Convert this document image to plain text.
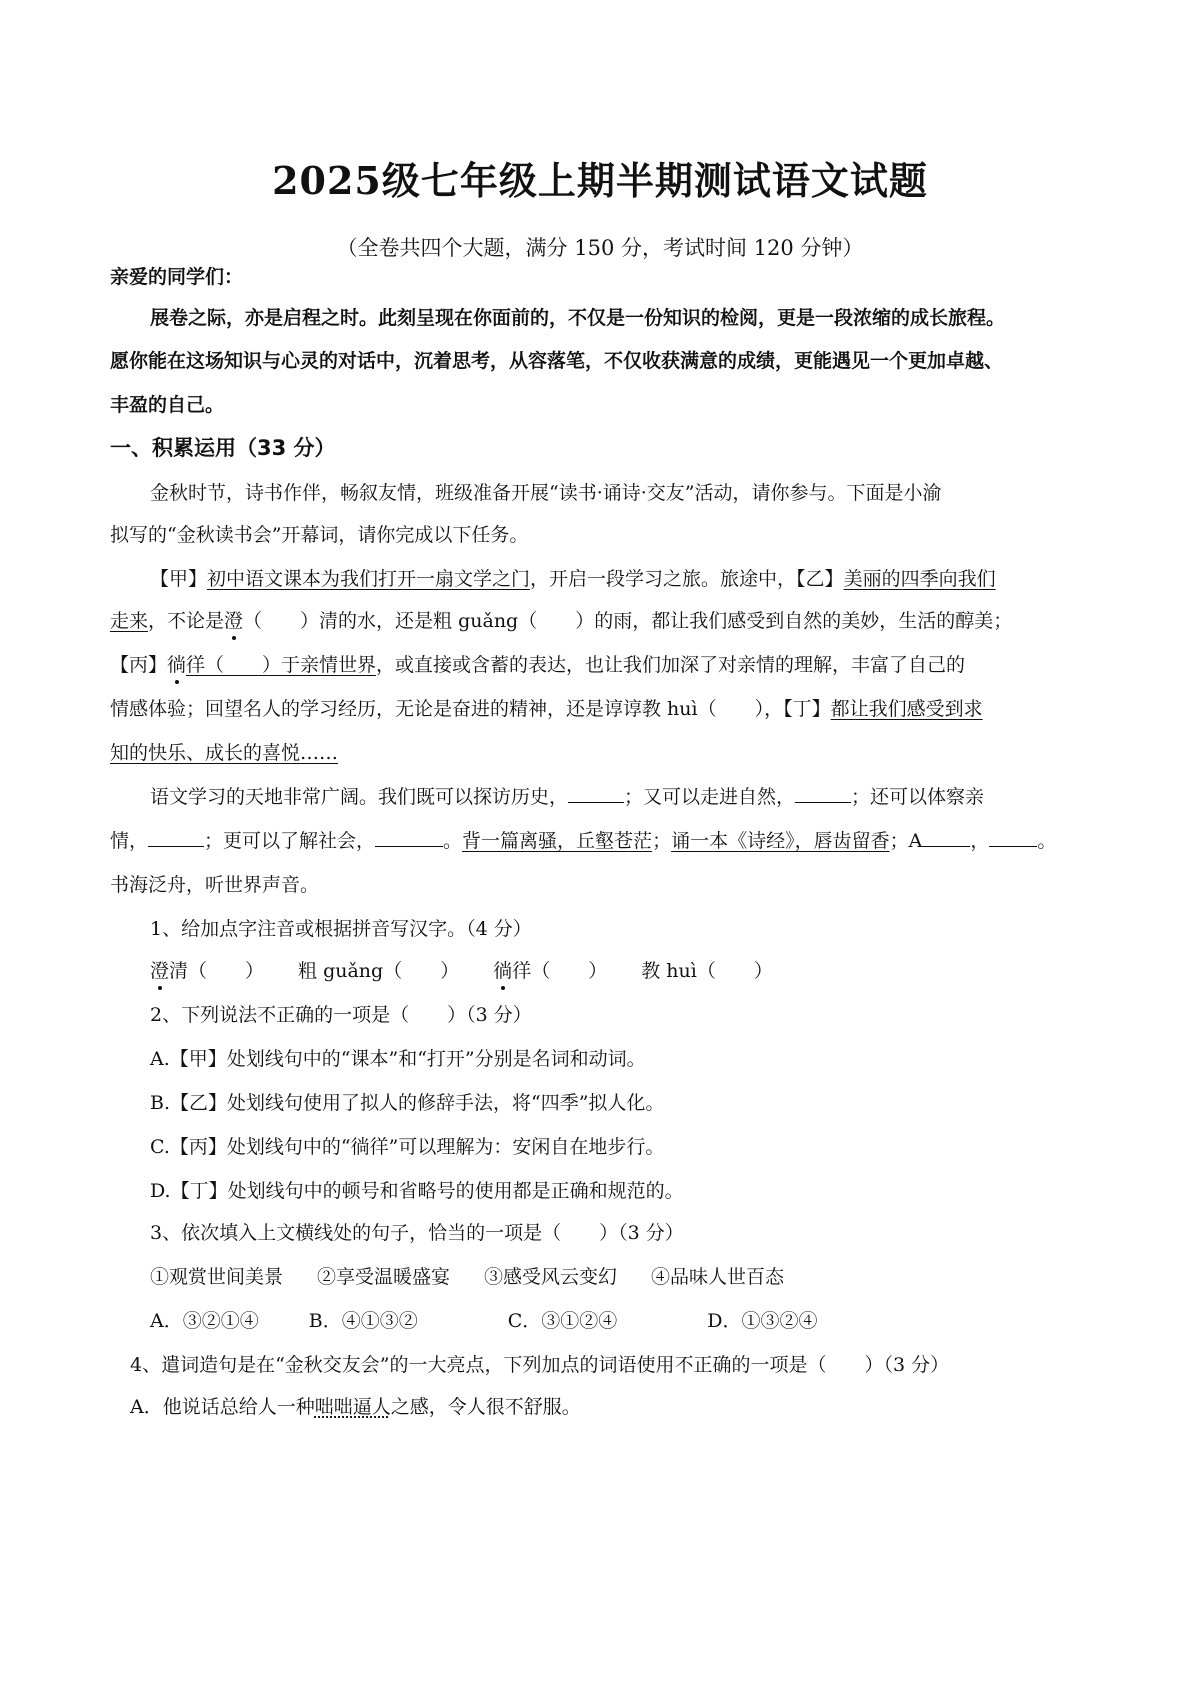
2025级七年级上期半期测试语文试题
（全卷共四个大题，满分 150 分，考试时间 120 分钟）
亲爱的同学们：
展卷之际，亦是启程之时。此刻呈现在你面前的，不仅是一份知识的检阅，更是一段浓缩的成长旅程。
愿你能在这场知识与心灵的对话中，沉着思考，从容落笔，不仅收获满意的成绩，更能遇见一个更加卓越、
丰盈的自己。
一、积累运用（33 分）
金秋时节，诗书作伴，畅叙友情，班级准备开展“读书·诵诗·交友”活动，请你参与。下面是小渝
拟写的“金秋读书会”开幕词，请你完成以下任务。
【甲】初中语文课本为我们打开一扇文学之门，开启一段学习之旅。旅途中，【乙】美丽的四季向我们
走来，不论是澄（　　）清的水，还是粗 guǎng（　　）的雨，都让我们感受到自然的美妙，生活的醇美；
【丙】徜徉（　　）于亲情世界，或直接或含蓄的表达，也让我们加深了对亲情的理解，丰富了自己的
情感体验；回望名人的学习经历，无论是奋进的精神，还是谆谆教 huì（　　），【丁】都让我们感受到求
知的快乐、成长的喜悦……
语文学习的天地非常广阔。我们既可以探访历史，	；又可以走进自然，	；还可以体察亲
情，	；更可以了解社会，	。背一篇离骚，丘壑苍茫；诵一本《诗经》，唇齿留香；A	，	。
书海泛舟，听世界声音。
1、给加点字注音或根据拼音写汉字。（4 分）
澄清（　　） 粗 guǎng（　　） 徜徉（　　） 教 huì（　　）
2、下列说法不正确的一项是（　　）（3 分）
A.【甲】处划线句中的“课本”和“打开”分别是名词和动词。
B.【乙】处划线句使用了拟人的修辞手法，将“四季”拟人化。
C.【丙】处划线句中的“徜徉”可以理解为：安闲自在地步行。
D.【丁】处划线句中的顿号和省略号的使用都是正确和规范的。
3、依次填入上文横线处的句子，恰当的一项是（　　）（3 分）
①观赏世间美景 ②享受温暖盛宴 ③感受风云变幻 ④品味人世百态
A．③②①④	B．④①③②	C．③①②④	D．①③②④
4、遣词造句是在“金秋交友会”的一大亮点，下列加点的词语使用不正确的一项是（　　）（3 分）
A．他说话总给人一种咄咄逼人之感，令人很不舒服。
